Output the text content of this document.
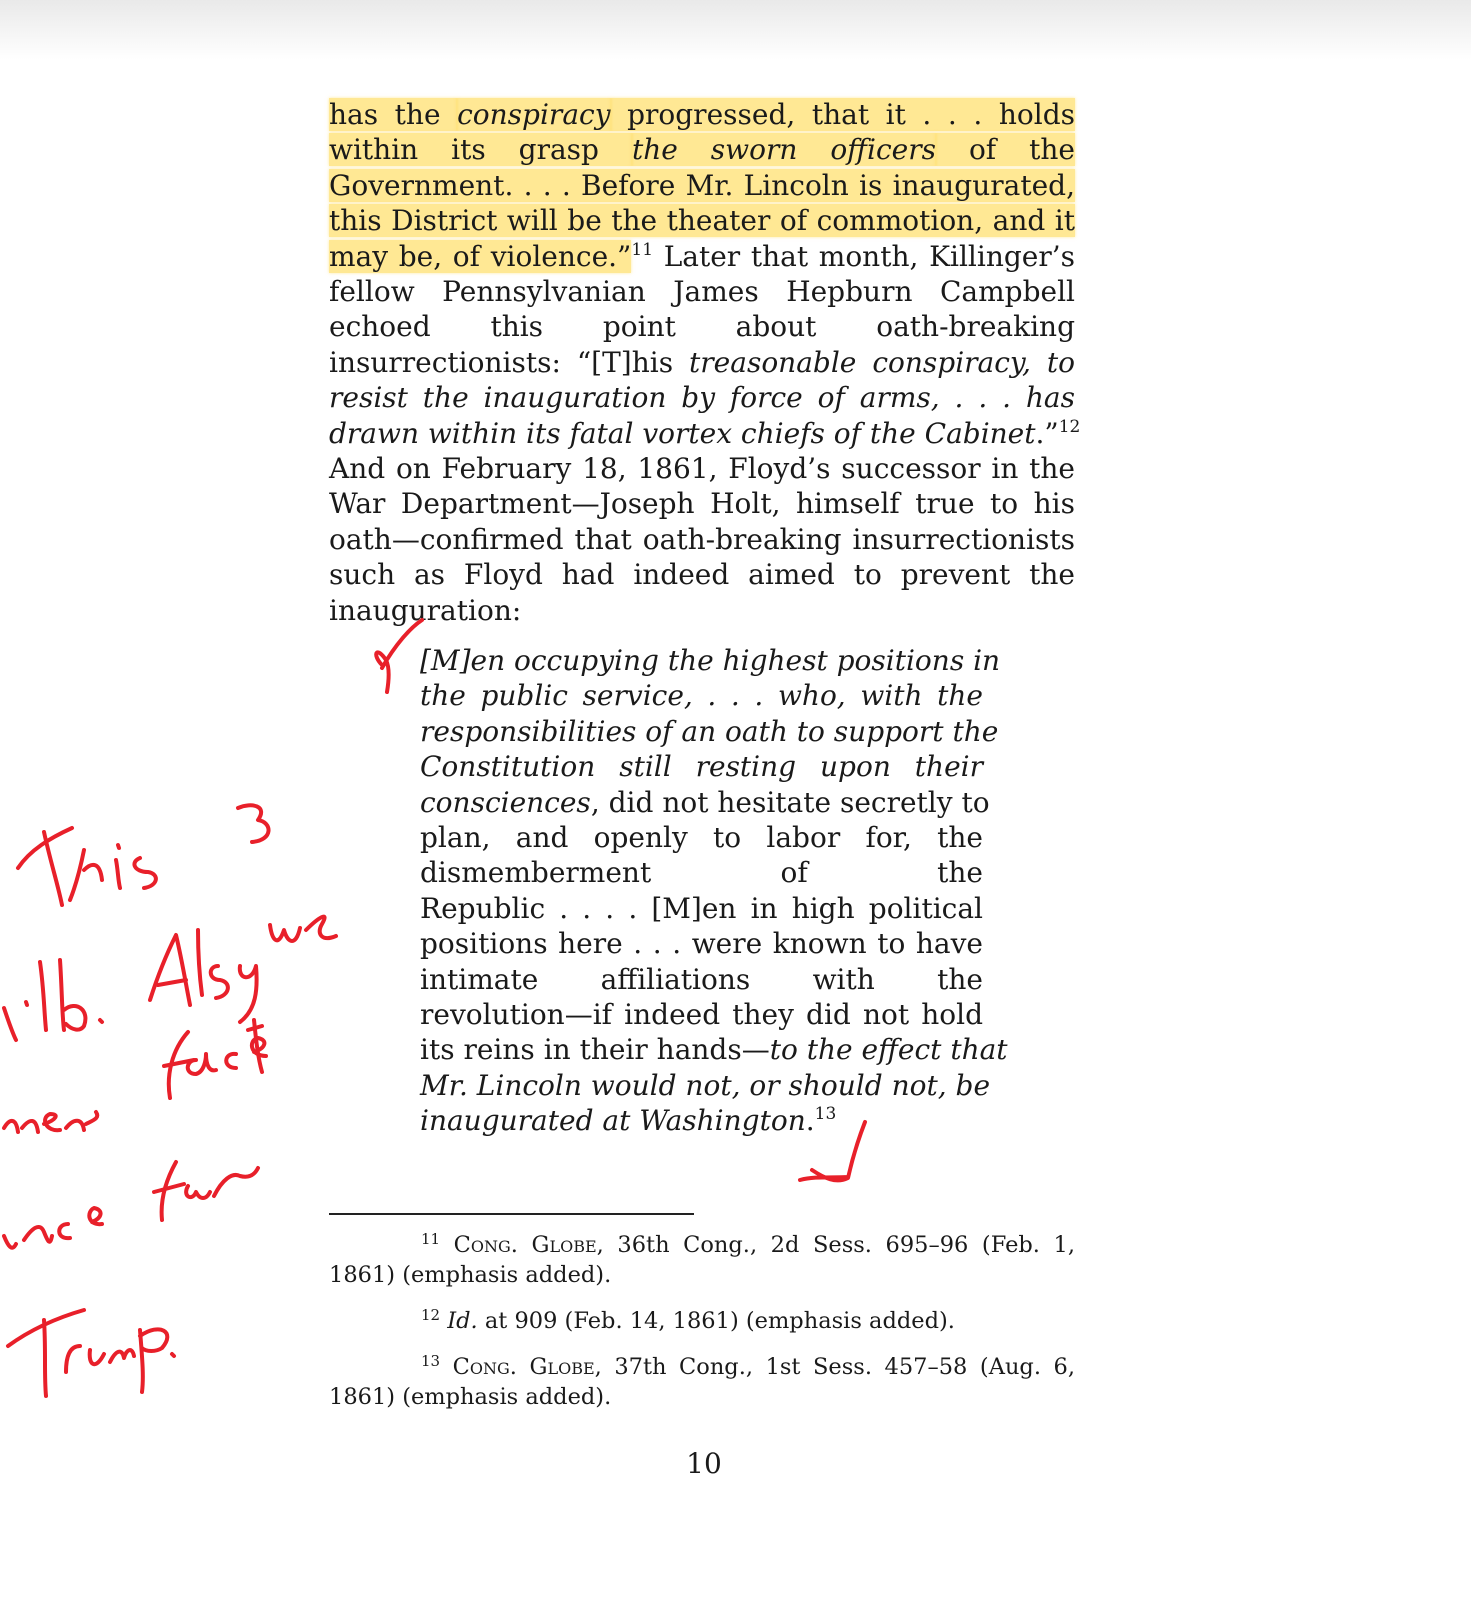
has the conspiracy progressed, that it . . . holds
within its grasp the sworn officers of the
Government. . . . Before Mr. Lincoln is inaugurated,
this District will be the theater of commotion, and it
may be, of violence.”$^{11}$ Later that month, Killinger’s
fellow Pennsylvanian James Hepburn Campbell
echoed this point about oath-breaking
insurrectionists: “[T]his treasonable conspiracy, to
resist the inauguration by force of arms, . . . has
drawn within its fatal vortex chiefs of the Cabinet.”$^{12}$
And on February 18, 1861, Floyd’s successor in the
War Department—Joseph Holt, himself true to his
oath—confirmed that oath-breaking insurrectionists
such as Floyd had indeed aimed to prevent the
inauguration:
[M]en occupying the highest positions in
the public service, . . . who, with the
responsibilities of an oath to support the
Constitution still resting upon their
consciences, did not hesitate secretly to
plan, and openly to labor for, the
dismemberment of the
Republic . . . . [M]en in high political
positions here . . . were known to have
intimate affiliations with the
revolution—if indeed they did not hold
its reins in their hands—to the effect that
Mr. Lincoln would not, or should not, be
inaugurated at Washington.$^{13}$
$^{11}$ Cong. Globe, 36th Cong., 2d Sess. 695–96 (Feb. 1,
1861) (emphasis added).
$^{12}$ Id. at 909 (Feb. 14, 1861) (emphasis added).
$^{13}$ Cong. Globe, 37th Cong., 1st Sess. 457–58 (Aug. 6,
1861) (emphasis added).
10
